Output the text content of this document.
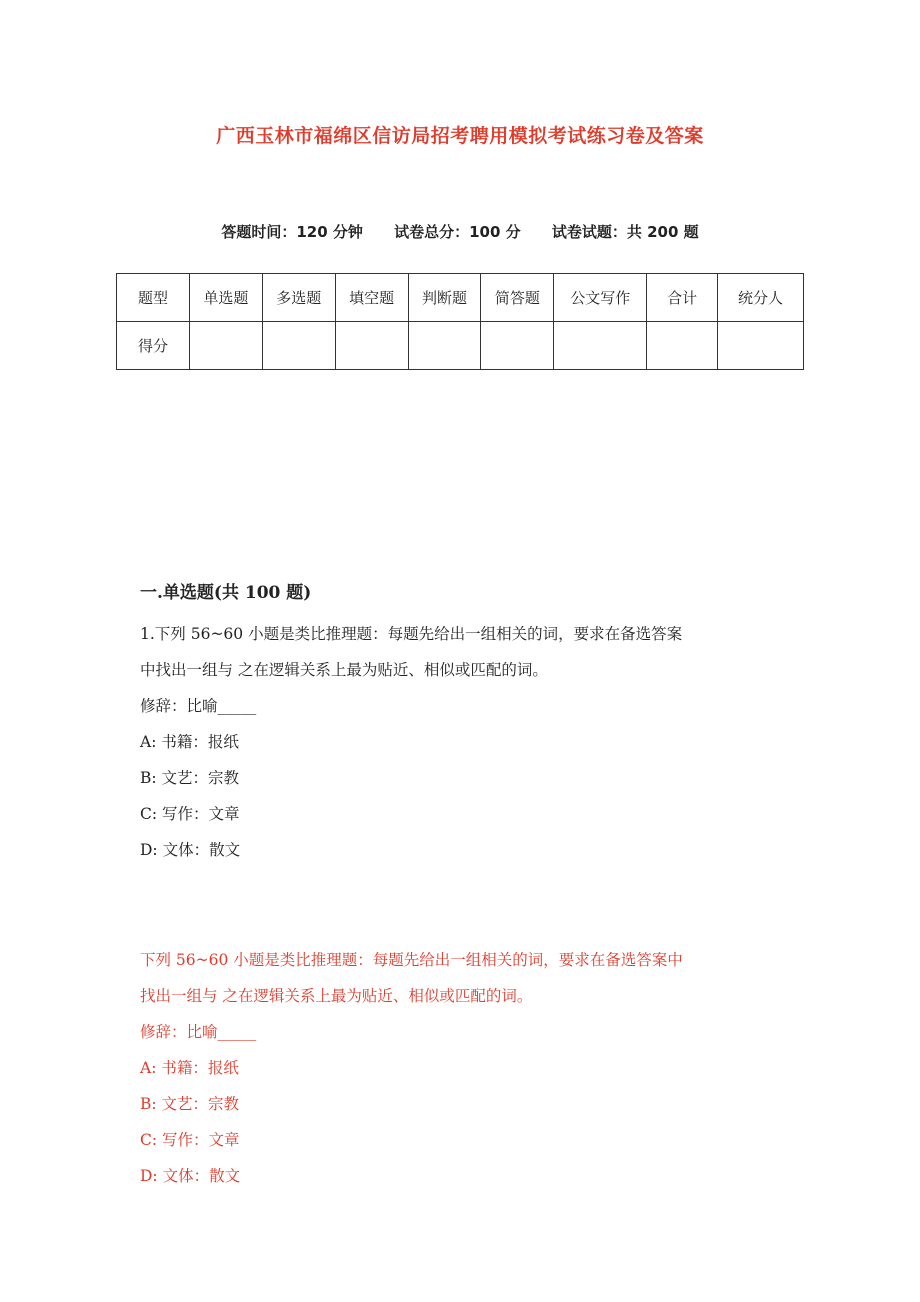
广西玉林市福绵区信访局招考聘用模拟考试练习卷及答案
答题时间：120 分钟 试卷总分：100 分 试卷试题：共 200 题
题型	单选题	多选题	填空题	判断题	简答题	公文写作	合计	统分人
得分								
一.单选题(共 100 题)
1.下列 56~60 小题是类比推理题：每题先给出一组相关的词，要求在备选答案
中找出一组与 之在逻辑关系上最为贴近、相似或匹配的词。
修辞：比喻_____
A: 书籍：报纸
B: 文艺：宗教
C: 写作：文章
D: 文体：散文
下列 56~60 小题是类比推理题：每题先给出一组相关的词，要求在备选答案中
找出一组与 之在逻辑关系上最为贴近、相似或匹配的词。
修辞：比喻_____
A: 书籍：报纸
B: 文艺：宗教
C: 写作：文章
D: 文体：散文
